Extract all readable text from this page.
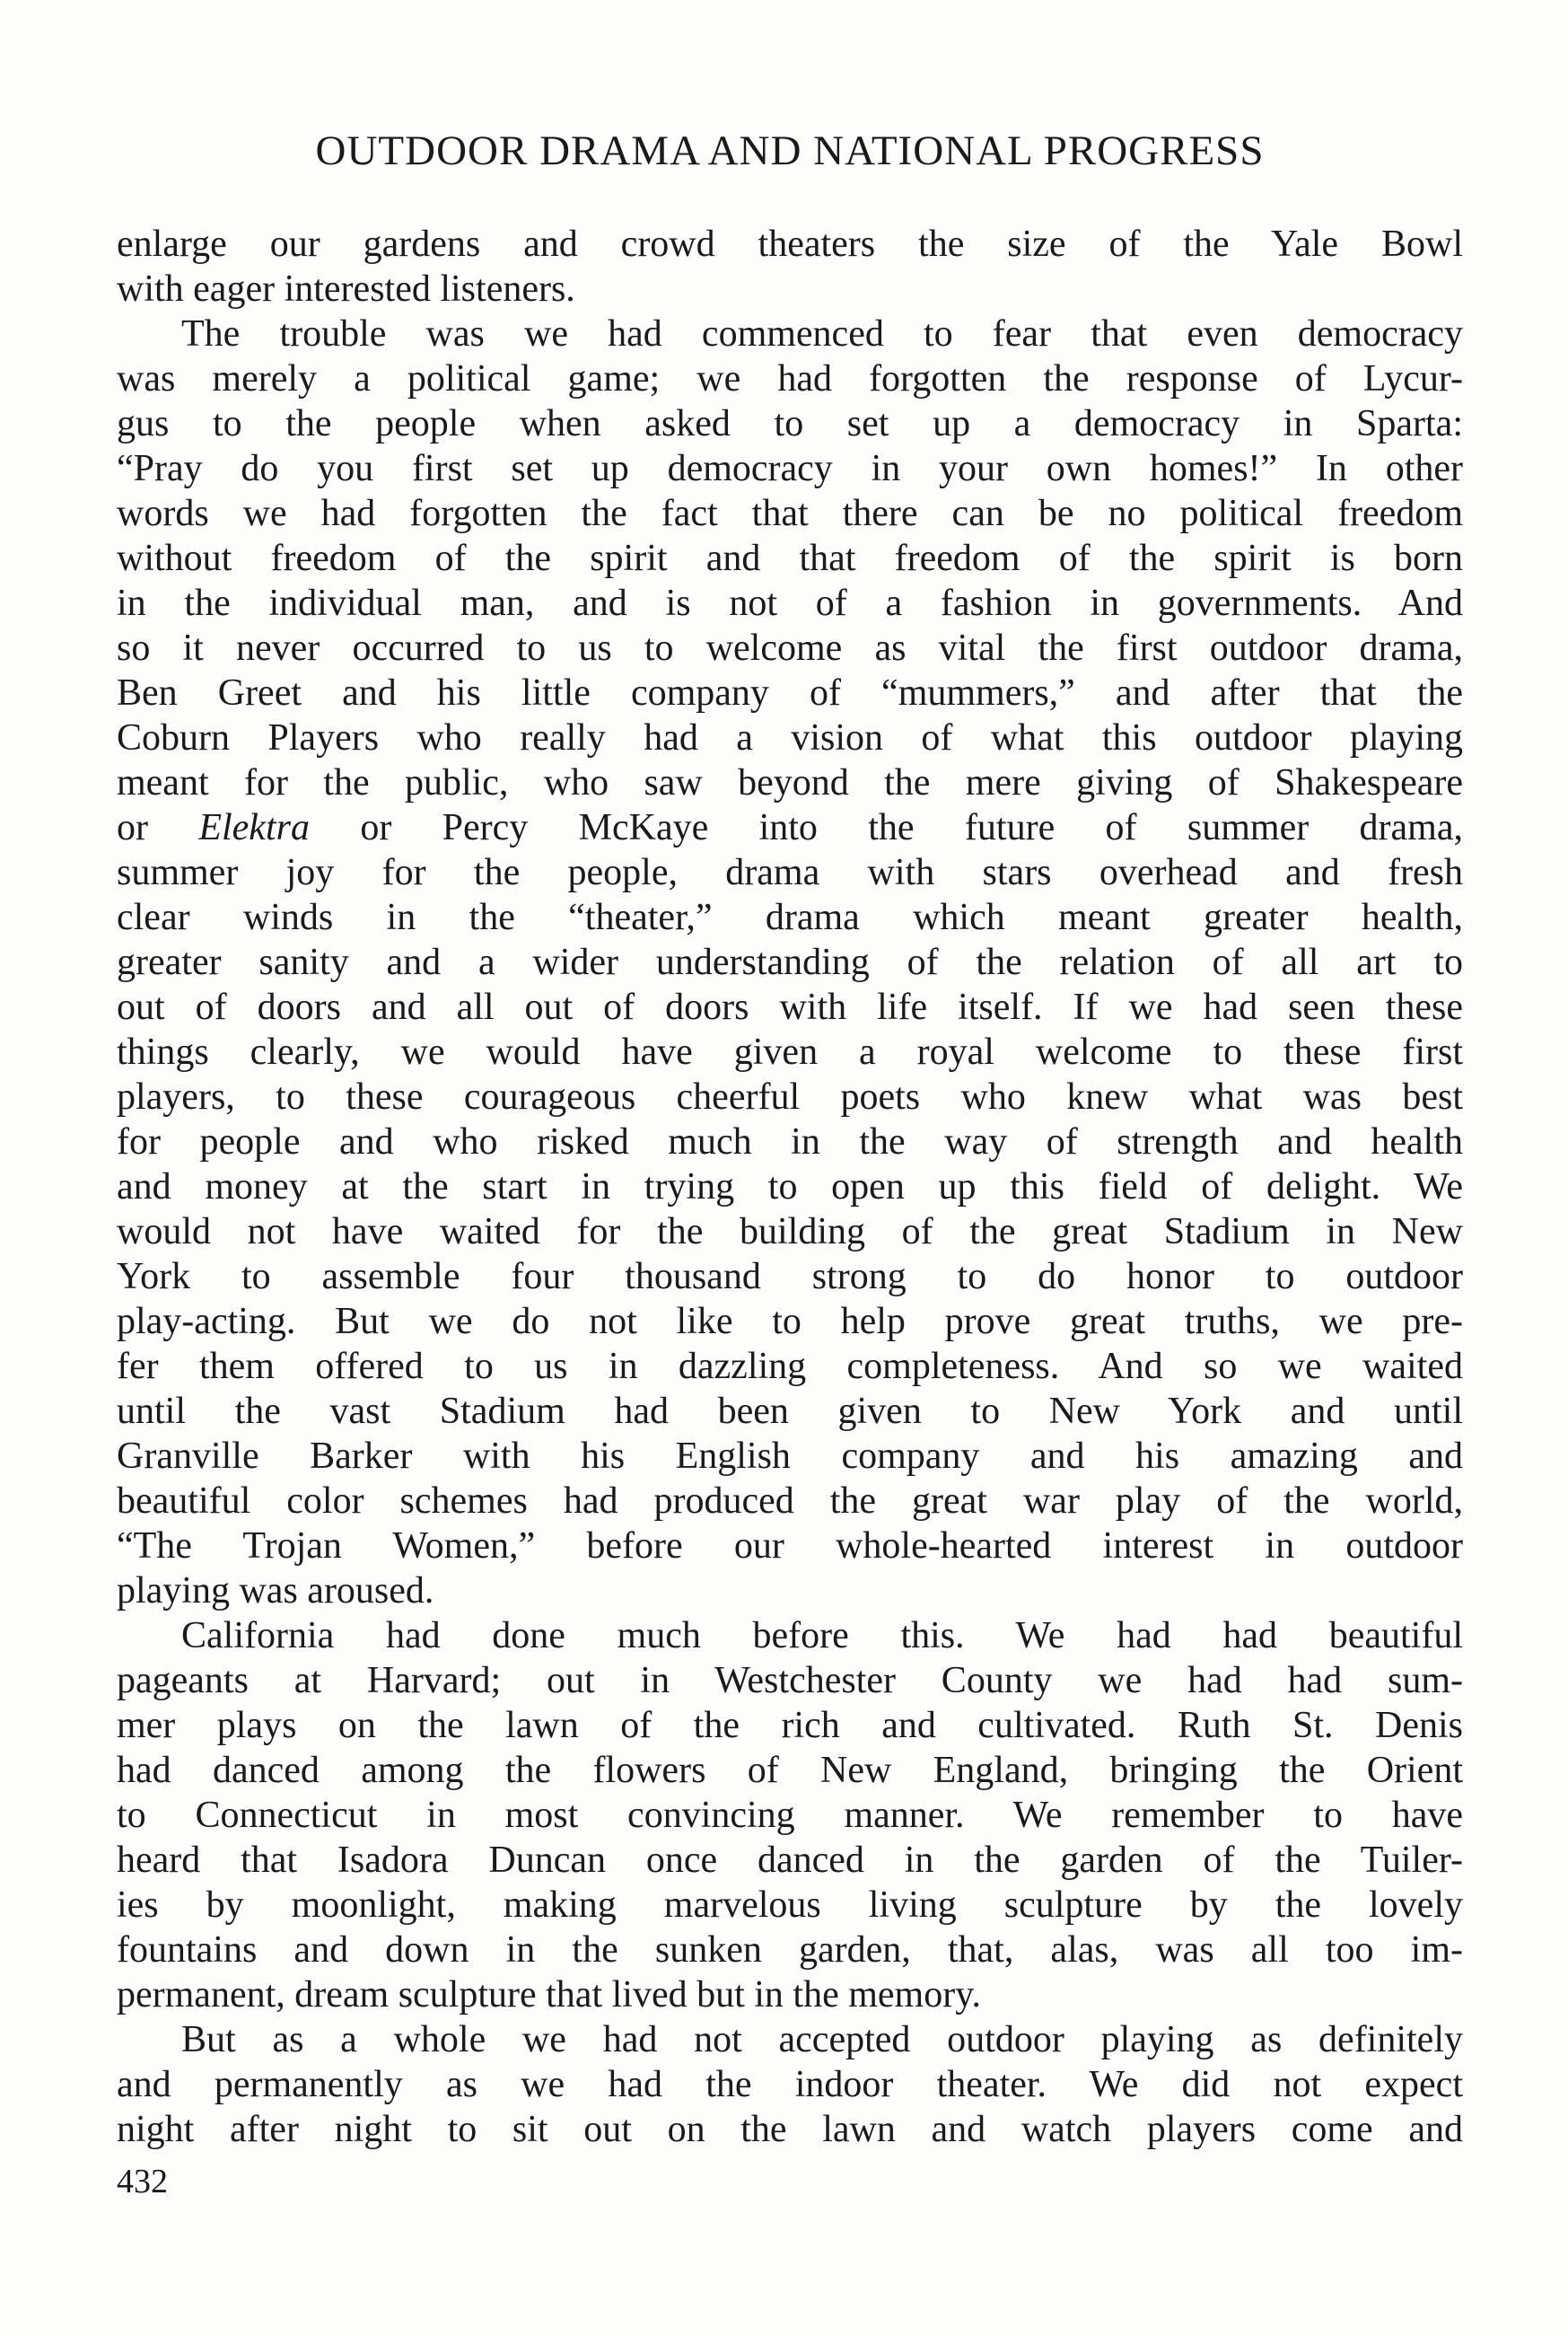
OUTDOOR DRAMA AND NATIONAL PROGRESS
enlarge our gardens and crowd theaters the size of the Yale Bowl
with eager interested listeners.
The trouble was we had commenced to fear that even democracy
was merely a political game; we had forgotten the response of Lycur-
gus to the people when asked to set up a democracy in Sparta:
“Pray do you first set up democracy in your own homes!” In other
words we had forgotten the fact that there can be no political freedom
without freedom of the spirit and that freedom of the spirit is born
in the individual man, and is not of a fashion in governments. And
so it never occurred to us to welcome as vital the first outdoor drama,
Ben Greet and his little company of “mummers,” and after that the
Coburn Players who really had a vision of what this outdoor playing
meant for the public, who saw beyond the mere giving of Shakespeare
or Elektra or Percy McKaye into the future of summer drama,
summer joy for the people, drama with stars overhead and fresh
clear winds in the “theater,” drama which meant greater health,
greater sanity and a wider understanding of the relation of all art to
out of doors and all out of doors with life itself. If we had seen these
things clearly, we would have given a royal welcome to these first
players, to these courageous cheerful poets who knew what was best
for people and who risked much in the way of strength and health
and money at the start in trying to open up this field of delight. We
would not have waited for the building of the great Stadium in New
York to assemble four thousand strong to do honor to outdoor
play-acting. But we do not like to help prove great truths, we pre-
fer them offered to us in dazzling completeness. And so we waited
until the vast Stadium had been given to New York and until
Granville Barker with his English company and his amazing and
beautiful color schemes had produced the great war play of the world,
“The Trojan Women,” before our whole-hearted interest in outdoor
playing was aroused.
California had done much before this. We had had beautiful
pageants at Harvard; out in Westchester County we had had sum-
mer plays on the lawn of the rich and cultivated. Ruth St. Denis
had danced among the flowers of New England, bringing the Orient
to Connecticut in most convincing manner. We remember to have
heard that Isadora Duncan once danced in the garden of the Tuiler-
ies by moonlight, making marvelous living sculpture by the lovely
fountains and down in the sunken garden, that, alas, was all too im-
permanent, dream sculpture that lived but in the memory.
But as a whole we had not accepted outdoor playing as definitely
and permanently as we had the indoor theater. We did not expect
night after night to sit out on the lawn and watch players come and
432
